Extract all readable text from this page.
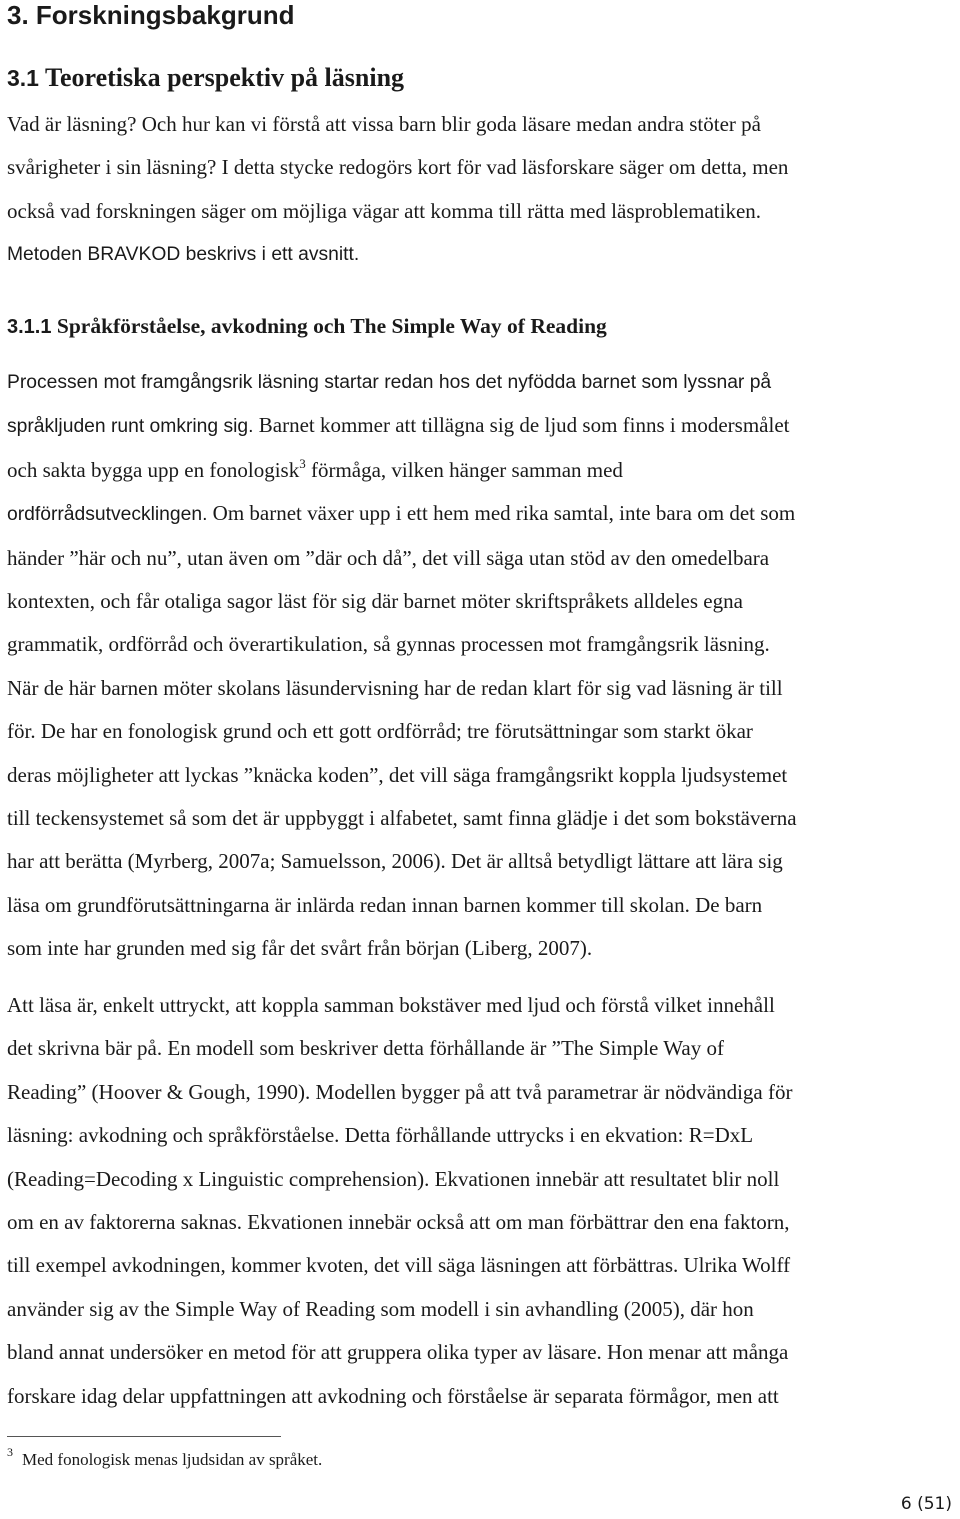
3. Forskningsbakgrund
3.1 Teoretiska perspektiv på läsning
Vad är läsning? Och hur kan vi förstå att vissa barn blir goda läsare medan andra stöter på
svårigheter i sin läsning? I detta stycke redogörs kort för vad läsforskare säger om detta, men
också vad forskningen säger om möjliga vägar att komma till rätta med läsproblematiken.
Metoden BRAVKOD beskrivs i ett avsnitt.
3.1.1 Språkförståelse, avkodning och The Simple Way of Reading
Processen mot framgångsrik läsning startar redan hos det nyfödda barnet som lyssnar på
språkljuden runt omkring sig. Barnet kommer att tillägna sig de ljud som finns i modersmålet
och sakta bygga upp en fonologisk$^3$ förmåga, vilken hänger samman med
ordförrådsutvecklingen. Om barnet växer upp i ett hem med rika samtal, inte bara om det som
händer ”här och nu”, utan även om ”där och då”, det vill säga utan stöd av den omedelbara
kontexten, och får otaliga sagor läst för sig där barnet möter skriftspråkets alldeles egna
grammatik, ordförråd och överartikulation, så gynnas processen mot framgångsrik läsning.
När de här barnen möter skolans läsundervisning har de redan klart för sig vad läsning är till
för. De har en fonologisk grund och ett gott ordförråd; tre förutsättningar som starkt ökar
deras möjligheter att lyckas ”knäcka koden”, det vill säga framgångsrikt koppla ljudsystemet
till teckensystemet så som det är uppbyggt i alfabetet, samt finna glädje i det som bokstäverna
har att berätta (Myrberg, 2007a; Samuelsson, 2006). Det är alltså betydligt lättare att lära sig
läsa om grundförutsättningarna är inlärda redan innan barnen kommer till skolan. De barn
som inte har grunden med sig får det svårt från början (Liberg, 2007).
Att läsa är, enkelt uttryckt, att koppla samman bokstäver med ljud och förstå vilket innehåll
det skrivna bär på. En modell som beskriver detta förhållande är ”The Simple Way of
Reading” (Hoover & Gough, 1990). Modellen bygger på att två parametrar är nödvändiga för
läsning: avkodning och språkförståelse. Detta förhållande uttrycks i en ekvation: R=DxL
(Reading=Decoding x Linguistic comprehension). Ekvationen innebär att resultatet blir noll
om en av faktorerna saknas. Ekvationen innebär också att om man förbättrar den ena faktorn,
till exempel avkodningen, kommer kvoten, det vill säga läsningen att förbättras. Ulrika Wolff
använder sig av the Simple Way of Reading som modell i sin avhandling (2005), där hon
bland annat undersöker en metod för att gruppera olika typer av läsare. Hon menar att många
forskare idag delar uppfattningen att avkodning och förståelse är separata förmågor, men att
$^3$ Med fonologisk menas ljudsidan av språket.
6 (51)
